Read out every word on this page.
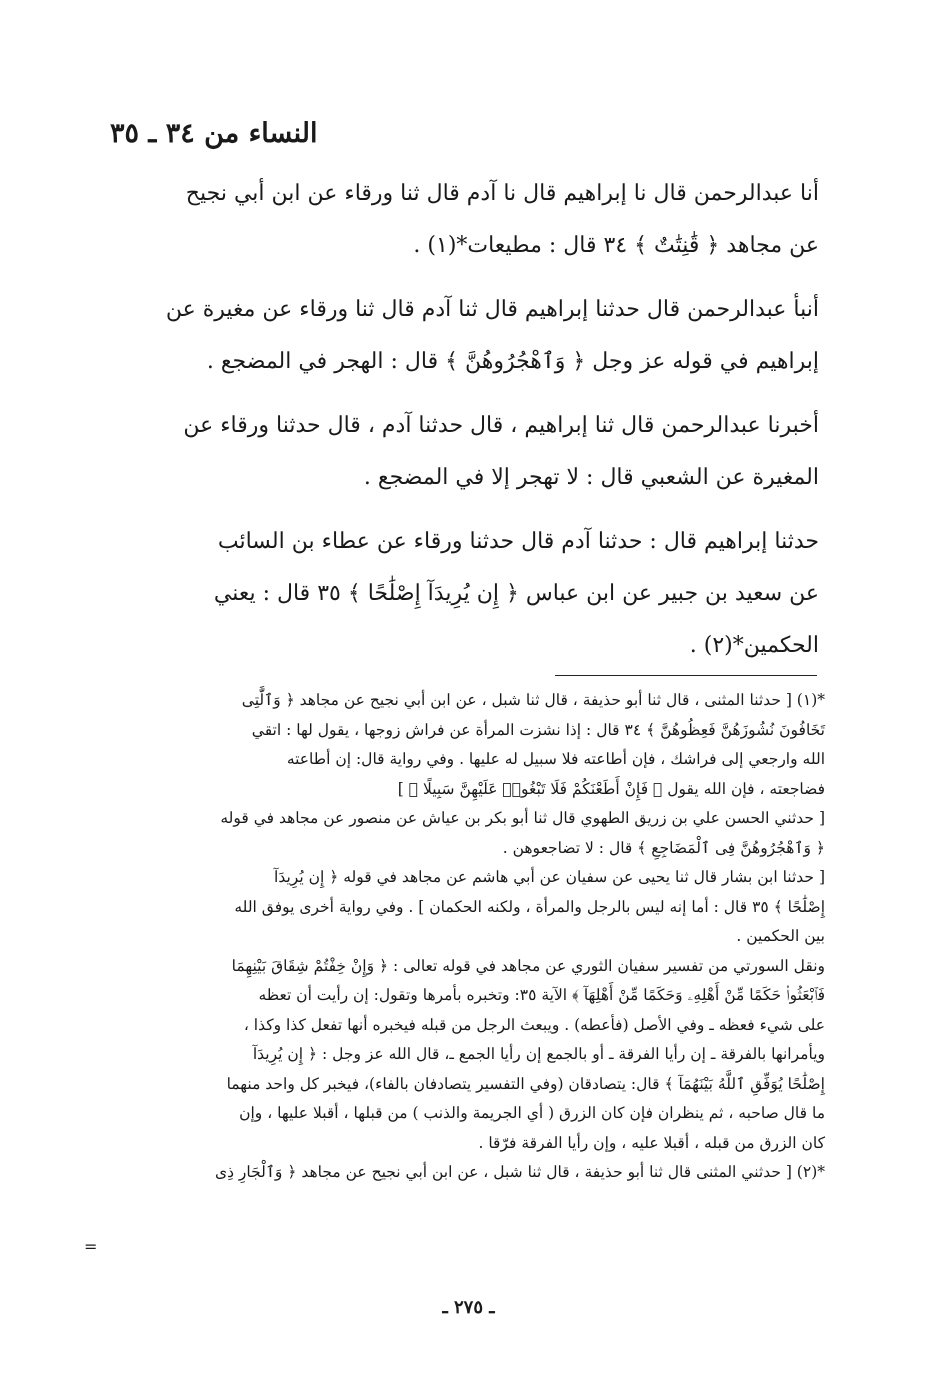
النساء من ٣٤ ـ ٣٥

أنا عبدالرحمن قال نا إبراهيم قال نا آدم قال ثنا ورقاء عن ابن أبي نجيح
عن مجاهد ﴿ قَٰنِتَٰتٌ ﴾ ٣٤ قال : مطيعات*(١) .

أنبأ عبدالرحمن قال حدثنا إبراهيم قال ثنا آدم قال ثنا ورقاء عن مغيرة عن
إبراهيم في قوله عز وجل ﴿ وَٱهْجُرُوهُنَّ ﴾ قال : الهجر في المضجع .

أخبرنا عبدالرحمن قال ثنا إبراهيم ، قال حدثنا آدم ، قال حدثنا ورقاء عن
المغيرة عن الشعبي قال : لا تهجر إلا في المضجع .

حدثنا إبراهيم قال : حدثنا آدم قال حدثنا ورقاء عن عطاء بن السائب
عن سعيد بن جبير عن ابن عباس ﴿ إِن يُرِيدَآ إِصْلَٰحًا ﴾ ٣٥ قال : يعني
الحكمين*(٢) .

*(١) [ حدثنا المثنى ، قال ثنا أبو حذيفة ، قال ثنا شبل ، عن ابن أبي نجيح عن مجاهد ﴿ وَٱلَّٰتِى
تَخَافُونَ نُشُوزَهُنَّ فَعِظُوهُنَّ ﴾ ٣٤ قال : إذا نشزت المرأة عن فراش زوجها ، يقول لها : اتقي
الله وارجعي إلى فراشك ، فإن أطاعته فلا سبيل له عليها . وفي رواية قال: إن أطاعته
فضاجعته ، فإن الله يقول ﴿ فَإِنْ أَطَعْنَكُمْ فَلَا تَبْغُوا۟ عَلَيْهِنَّ سَبِيلًا ﴾ ]
[ حدثني الحسن علي بن زريق الطهوي قال ثنا أبو بكر بن عياش عن منصور عن مجاهد في قوله
﴿ وَٱهْجُرُوهُنَّ فِى ٱلْمَضَاجِعِ ﴾ قال : لا تضاجعوهن .
[ حدثنا ابن بشار قال ثنا يحيى عن سفيان عن أبي هاشم عن مجاهد في قوله ﴿ إِن يُرِيدَآ
إِصْلَٰحًا ﴾ ٣٥ قال : أما إنه ليس بالرجل والمرأة ، ولكنه الحكمان ] . وفي رواية أخرى يوفق الله
بين الحكمين .
ونقل السورتي من تفسير سفيان الثوري عن مجاهد في قوله تعالى : ﴿ وَإِنْ خِفْتُمْ شِقَاقَ بَيْنِهِمَا
فَٱبْعَثُوا۟ حَكَمًا مِّنْ أَهْلِهِۦ وَحَكَمًا مِّنْ أَهْلِهَآ ﴾ الآية ٣٥: وتخبره بأمرها وتقول: إن رأيت أن تعظه
على شيء فعظه ـ وفي الأصل (فأعطه) . ويبعث الرجل من قبله فيخبره أنها تفعل كذا وكذا ،
ويأمرانها بالفرقة ـ إن رأيا الفرقة ـ أو بالجمع إن رأيا الجمع ـ، قال الله عز وجل : ﴿ إِن يُرِيدَآ
إِصْلَٰحًا يُوَفِّقِ ٱللَّهُ بَيْنَهُمَآ ﴾ قال: يتصادقان (وفي التفسير يتصادفان بالفاء)، فيخبر كل واحد منهما
ما قال صاحبه ، ثم ينظران فإن كان الزرق ( أي الجريمة والذنب ) من قبلها ، أقبلا عليها ، وإن
كان الزرق من قبله ، أقبلا عليه ، وإن رأيا الفرقة فرّقا .
*(٢) [ حدثني المثنى قال ثنا أبو حذيفة ، قال ثنا شبل ، عن ابن أبي نجيح عن مجاهد ﴿ وَٱلْجَارِ ذِى
=
ـ ٢٧٥ ـ
